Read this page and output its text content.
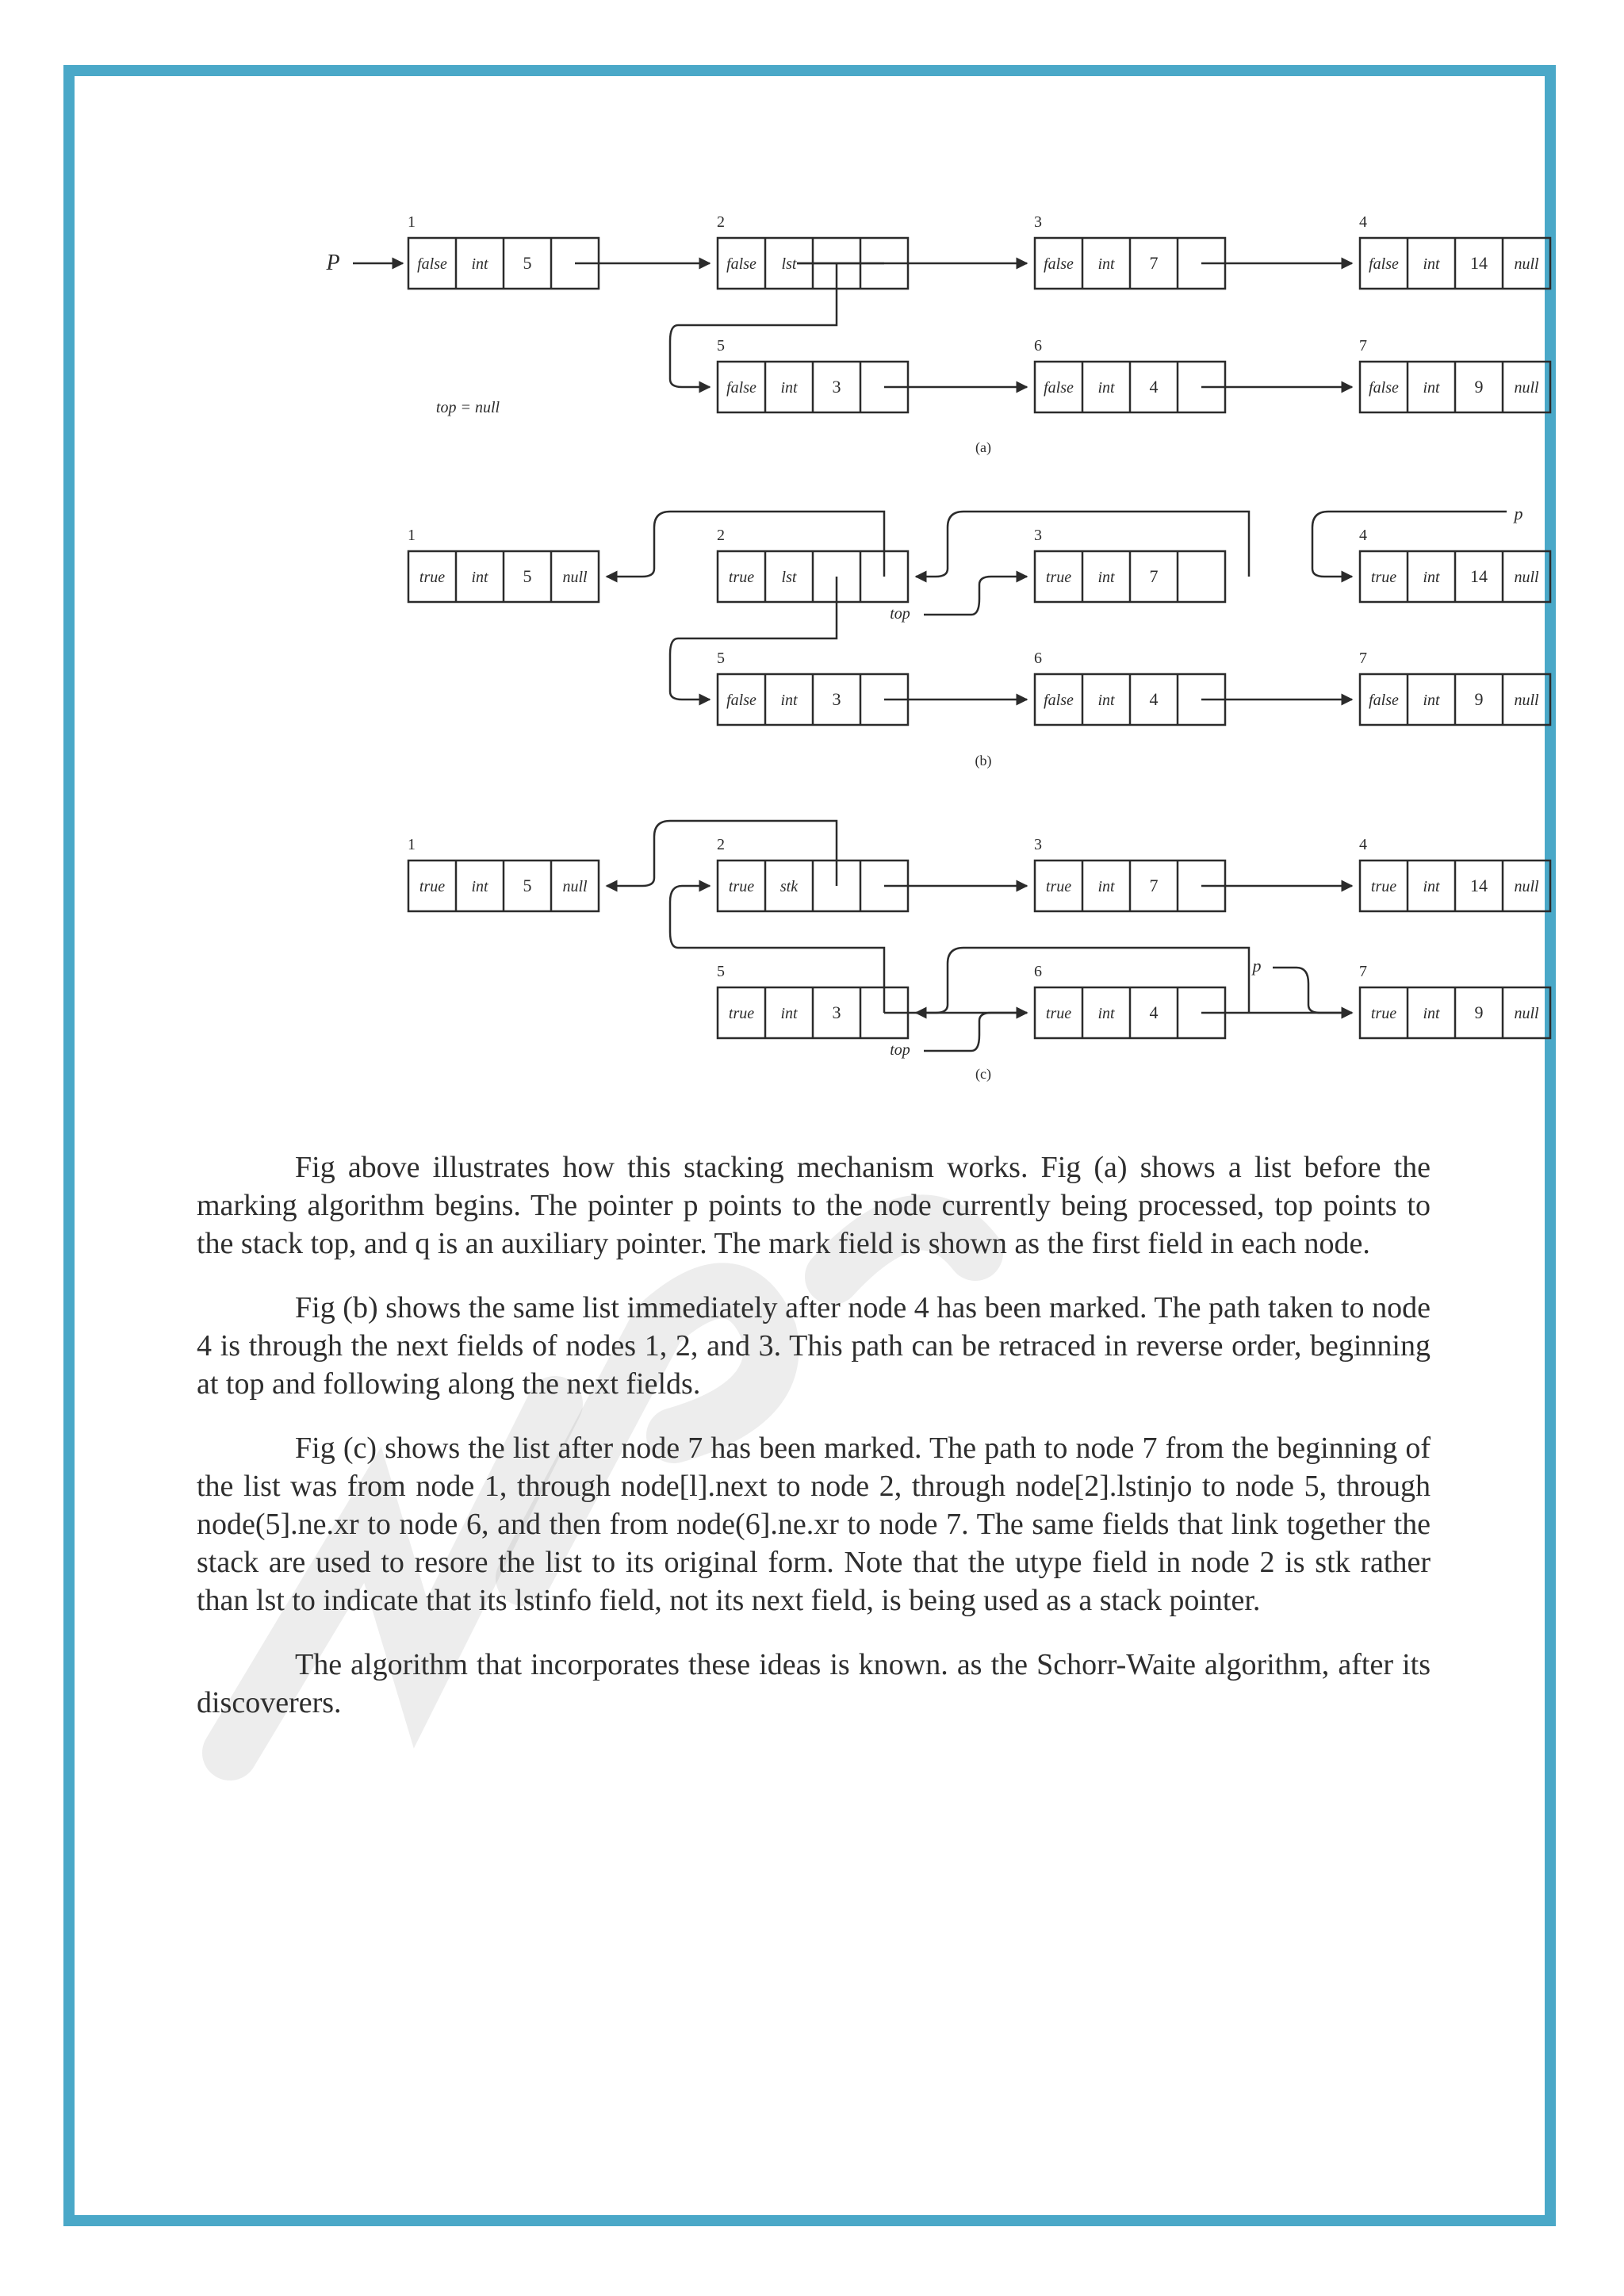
false int 5
1
false lst
2
false int 7
3
false int 14 null
4
false int 3
5
false int 4
6
false int 9 null
7
(a)
P
top = null
true int 5 null
1
true lst
2
true int 7
3
true int 14 null
4
false int 3
5
false int 4
6
false int 9 null
7
(b)
top
p
true int 5 null
1
true stk
2
true int 7
3
true int 14 null
4
true int 3
5
true int 4
6
true int 9 null
7
(c)
top
p

Fig above illustrates how this stacking mechanism works. Fig (a) shows a list before the marking algorithm begins. The pointer p points to the node currently being processed, top points to the stack top, and q is an auxiliary pointer. The mark field is shown as the first field in each node.

Fig (b) shows the same list immediately after node 4 has been marked. The path taken to node 4 is through the next fields of nodes 1, 2, and 3. This path can be retraced in reverse order, beginning at top and following along the next fields.

Fig (c) shows the list after node 7 has been marked. The path to node 7 from the beginning of the list was from node 1, through node[l].next to node 2, through node[2].lstinjo to node 5, through node(5].ne.xr to node 6, and then from node(6].ne.xr to node 7. The same fields that link together the stack are used to resore the list to its original form. Note that the utype field in node 2 is stk rather than lst to indicate that its lstinfo field, not its next field, is being used as a stack pointer.

The algorithm that incorporates these ideas is known. as the Schorr-Waite algorithm, after its discoverers.
